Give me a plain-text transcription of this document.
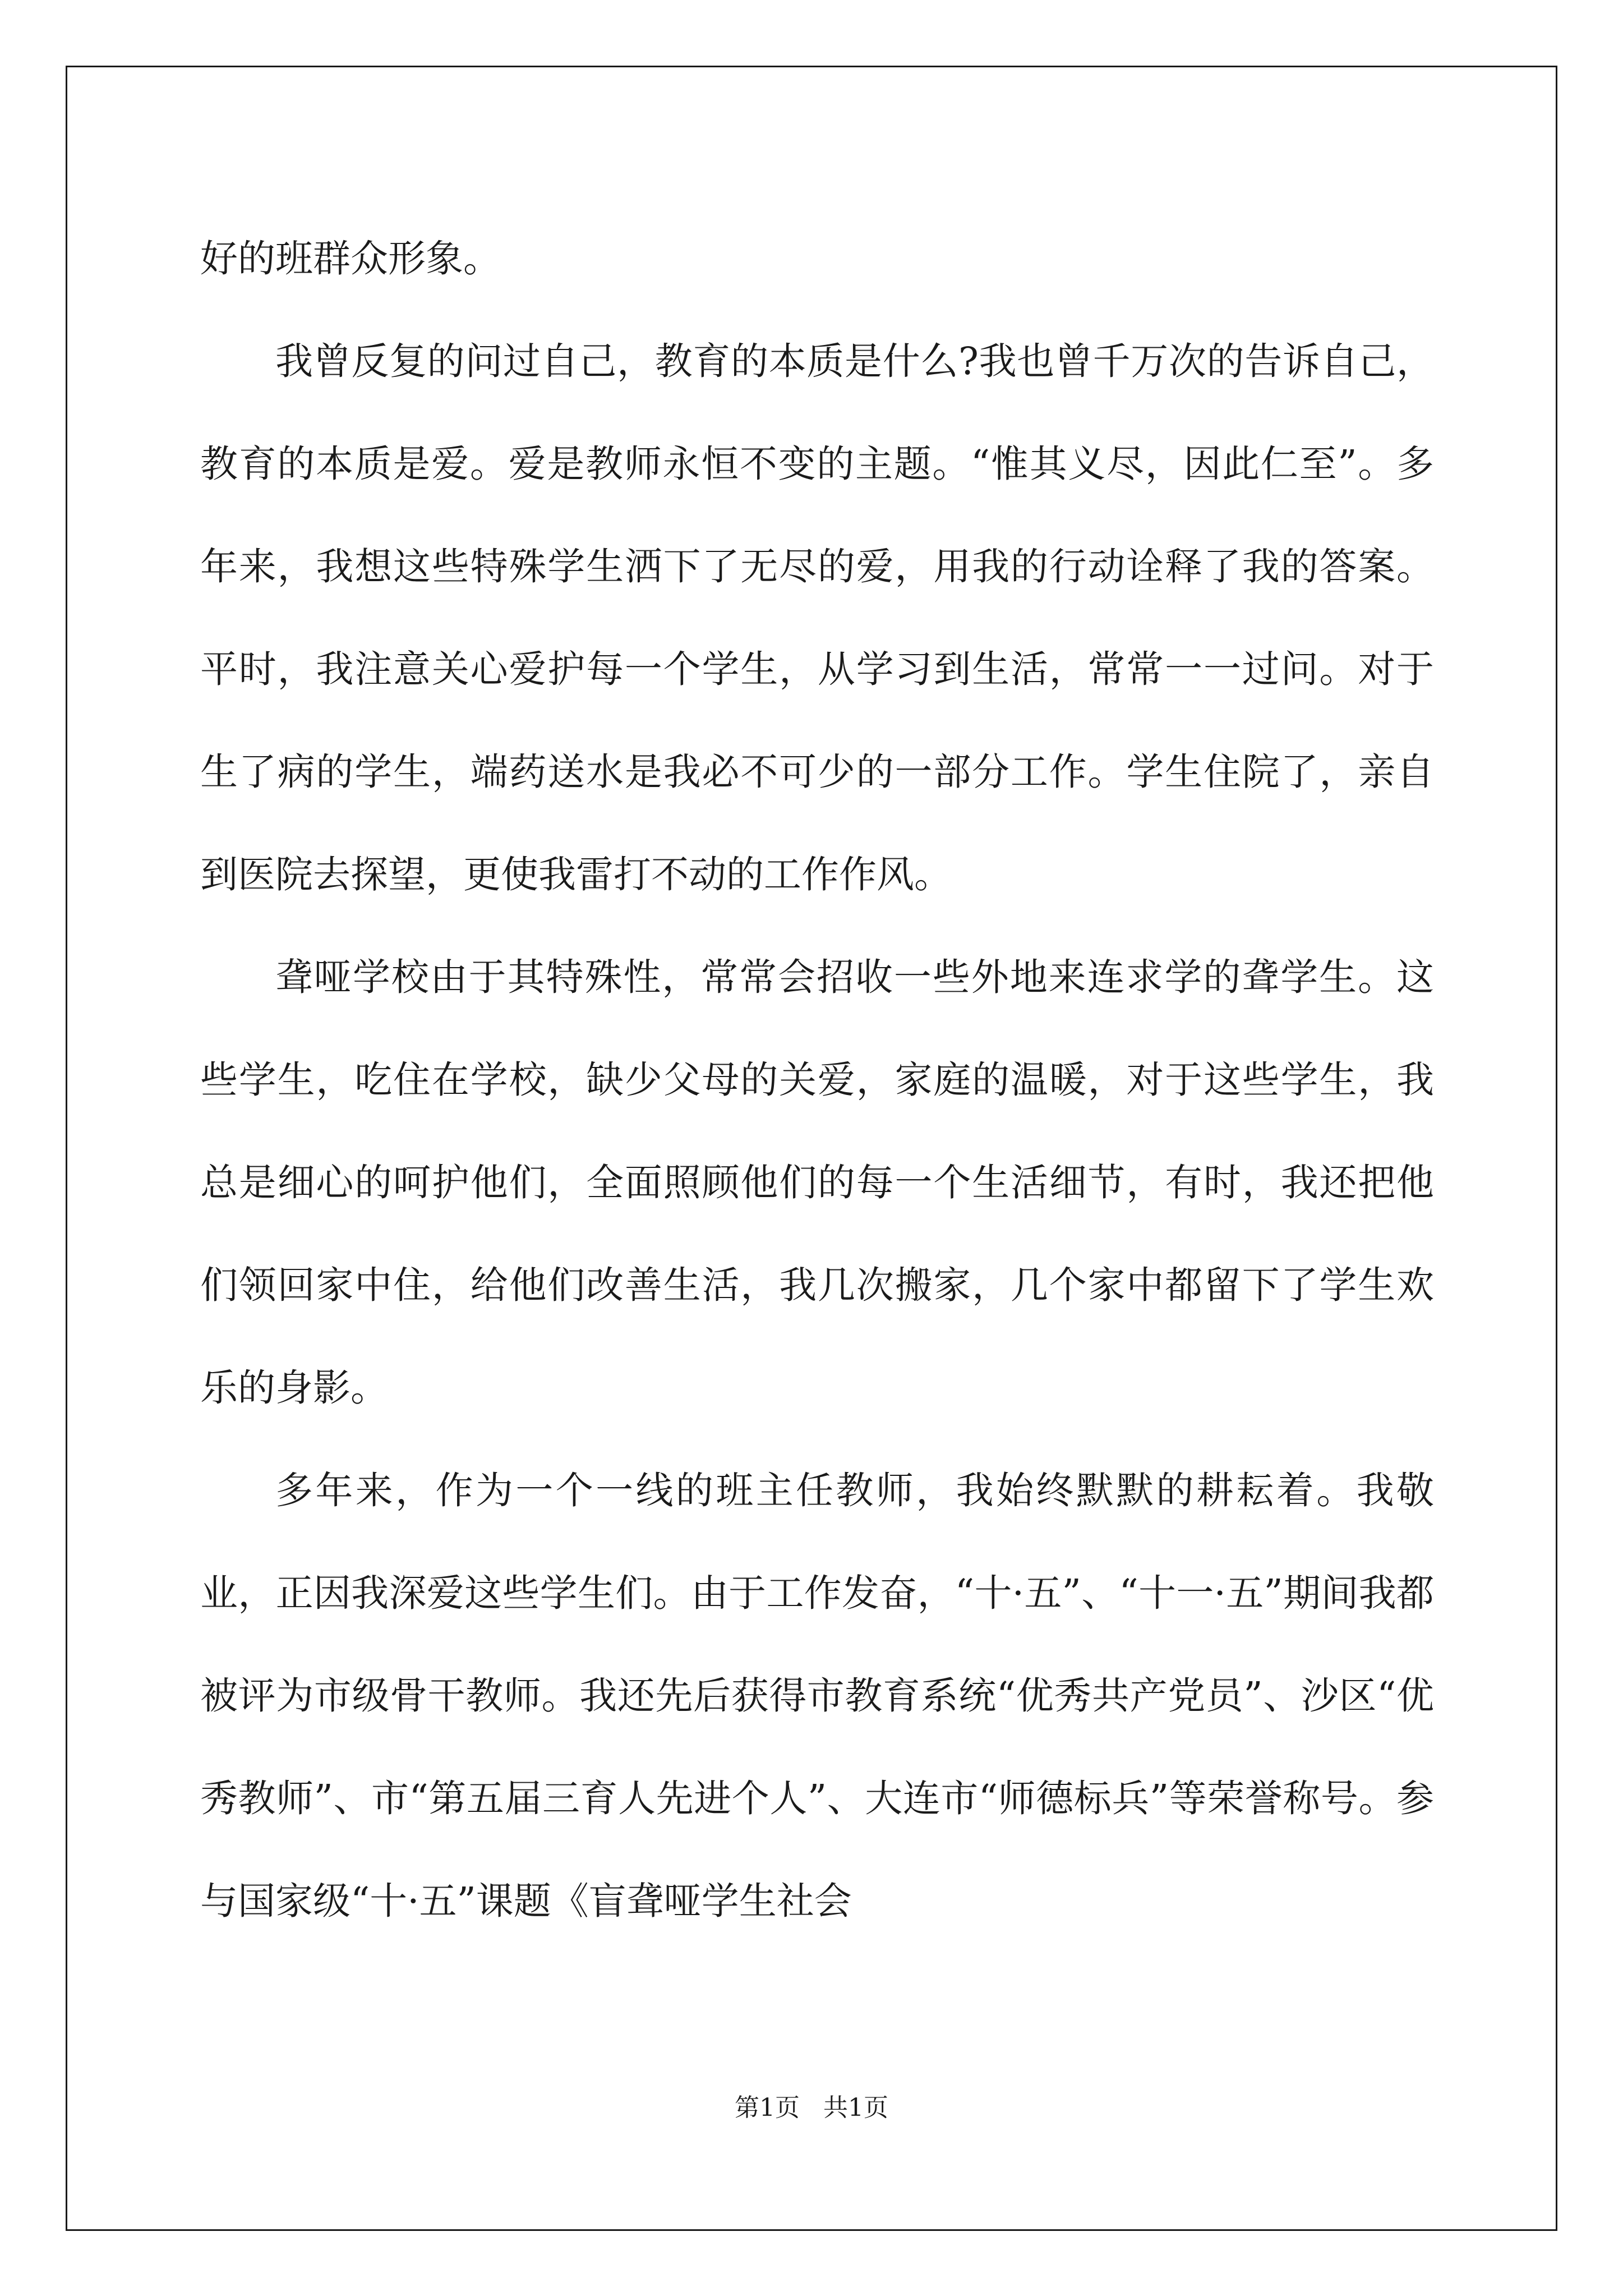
好的班群众形象。

我曾反复的问过自己，教育的本质是什么?我也曾千万次的告诉自己，教育的本质是爱。爱是教师永恒不变的主题。“惟其义尽，因此仁至”。多年来，我想这些特殊学生洒下了无尽的爱，用我的行动诠释了我的答案。平时，我注意关心爱护每一个学生，从学习到生活，常常一一过问。对于生了病的学生，端药送水是我必不可少的一部分工作。学生住院了，亲自到医院去探望，更使我雷打不动的工作作风。

聋哑学校由于其特殊性，常常会招收一些外地来连求学的聋学生。这些学生，吃住在学校，缺少父母的关爱，家庭的温暖，对于这些学生，我总是细心的呵护他们，全面照顾他们的每一个生活细节，有时，我还把他们领回家中住，给他们改善生活，我几次搬家，几个家中都留下了学生欢乐的身影。

多年来，作为一个一线的班主任教师，我始终默默的耕耘着。我敬业，正因我深爱这些学生们。由于工作发奋，“十·五”、“十一·五”期间我都被评为市级骨干教师。我还先后获得市教育系统“优秀共产党员”、沙区“优秀教师”、市“第五届三育人先进个人”、大连市“师德标兵”等荣誉称号。参与国家级“十·五”课题《盲聋哑学生社会

第1页   共1页
